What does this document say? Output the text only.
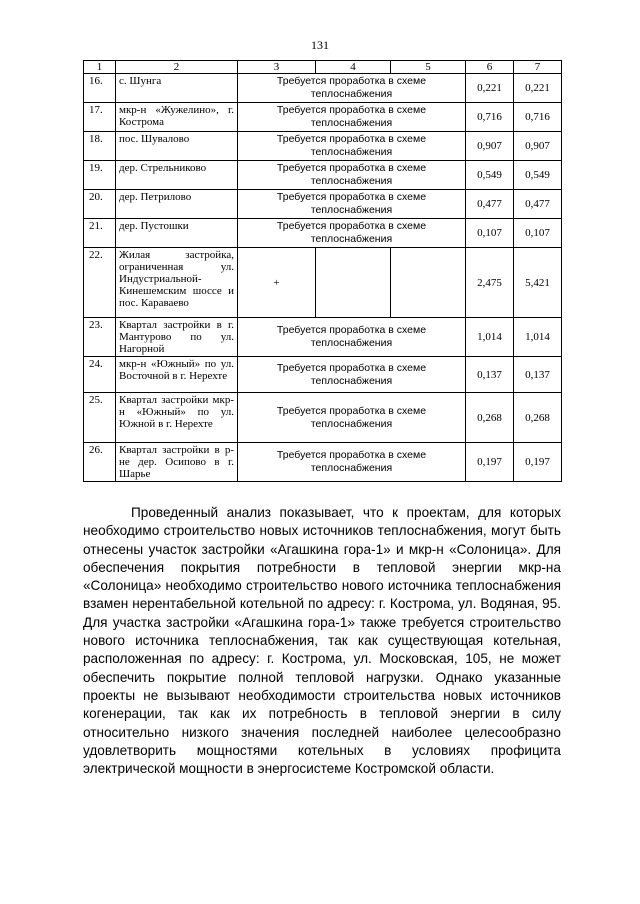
131
1	2	3	4	5	6	7
16.	с. Шунга	Требуется проработка в схеме теплоснабжения			0,221	0,221
17.	мкр-н «Жужелино», г. Кострома	Требуется проработка в схеме теплоснабжения			0,716	0,716
18.	пос. Шувалово	Требуется проработка в схеме теплоснабжения			0,907	0,907
19.	дер. Стрельниково	Требуется проработка в схеме теплоснабжения			0,549	0,549
20.	дер. Петрилово	Требуется проработка в схеме теплоснабжения			0,477	0,477
21.	дер. Пустошки	Требуется проработка в схеме теплоснабжения			0,107	0,107
22.	Жилая застройка, ограниченная ул. Индустриальной-Кинешемским шоссе и пос. Караваево	+			2,475	5,421
23.	Квартал застройки в г. Мантурово по ул. Нагорной	Требуется проработка в схеме теплоснабжения			1,014	1,014
24.	мкр-н «Южный» по ул. Восточной в г. Нерехте	Требуется проработка в схеме теплоснабжения			0,137	0,137
25.	Квартал застройки мкр-н «Южный» по ул. Южной в г. Нерехте	Требуется проработка в схеме теплоснабжения			0,268	0,268
26.	Квартал застройки в р-не дер. Осипово в г. Шарье	Требуется проработка в схеме теплоснабжения			0,197	0,197

Проведенный анализ показывает, что к проектам, для которых необходимо строительство новых источников теплоснабжения, могут быть отнесены участок застройки «Агашкина гора-1» и мкр-н «Солоница». Для обеспечения покрытия потребности в тепловой энергии мкр-на «Солоница» необходимо строительство нового источника теплоснабжения взамен нерентабельной котельной по адресу: г. Кострома, ул. Водяная, 95. Для участка застройки «Агашкина гора-1» также требуется строительство нового источника теплоснабжения, так как существующая котельная, расположенная по адресу: г. Кострома, ул. Московская, 105, не может обеспечить покрытие полной тепловой нагрузки. Однако указанные проекты не вызывают необходимости строительства новых источников когенерации, так как их потребность в тепловой энергии в силу относительно низкого значения последней наиболее целесообразно удовлетворить мощностями котельных в условиях профицита электрической мощности в энергосистеме Костромской области.
